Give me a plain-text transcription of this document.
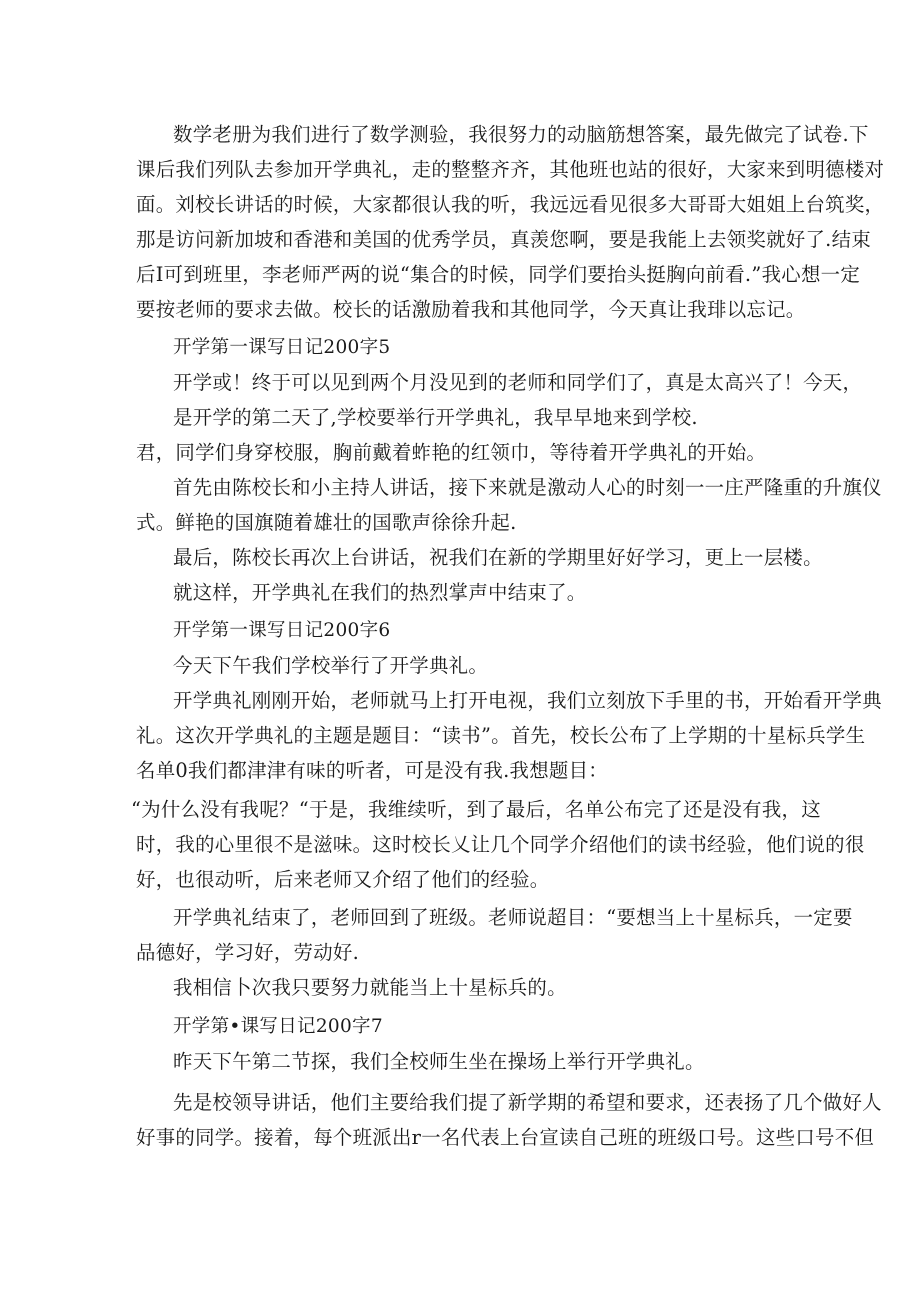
数学老册为我们进行了数学测验，我很努力的动脑筋想答案，最先做完了试卷.下

课后我们列队去参加开学典礼，走的整整齐齐，其他班也站的很好，大家来到明德楼对

面。刘校长讲话的时候，大家都很认我的听，我远远看见很多大哥哥大姐姐上台筑奖，

那是访问新加坡和香港和美国的优秀学员，真羡您啊，要是我能上去领奖就好了.结束

后I可到班里，李老师严两的说“集合的时候，同学们要抬头挺胸向前看.”我心想一定

要按老师的要求去做。校长的话激励着我和其他同学，今天真让我琲以忘记。

开学第一课写日记200字5

开学或！终于可以见到两个月没见到的老师和同学们了，真是太高兴了！今天，

是开学的第二天了,学校要举行开学典礼，我早早地来到学校.

君，同学们身穿校服，胸前戴着蚱艳的红领巾，等待着开学典礼的开始。

首先由陈校长和小主持人讲话，接下来就是激动人心的时刻一一庄严隆重的升旗仪

式。鲜艳的国旗随着雄壮的国歌声徐徐升起.

最后，陈校长再次上台讲话，祝我们在新的学期里好好学习，更上一层楼。

就这样，开学典礼在我们的热烈掌声中结束了。

开学第一课写日记200字6

今天下午我们学校举行了开学典礼。

开学典礼刚刚开始，老师就马上打开电视，我们立刻放下手里的书，开始看开学典

礼。这次开学典礼的主题是题目：“读书”。首先，校长公布了上学期的十星标兵学生

名单0我们都津津有味的听者，可是没有我.我想题目：

“为什么没有我呢？“于是，我维续听，到了最后，名单公布完了还是没有我，这

时，我的心里很不是滋味。这时校长乂让几个同学介绍他们的读书经验，他们说的很

好，也很动听，后来老师又介绍了他们的经验。

开学典礼结束了，老师回到了班级。老师说超目：“要想当上十星标兵，一定要

品德好，学习好，劳动好.

我相信卜次我只要努力就能当上十星标兵的。

开学第•课写日记200字7

昨天下午第二节探，我们全校师生坐在操场上举行开学典礼。

先是校领导讲话，他们主要给我们提了新学期的希望和要求，还表扬了几个做好人

好事的同学。接着，每个班派出r一名代表上台宣读自己班的班级口号。这些口号不但
